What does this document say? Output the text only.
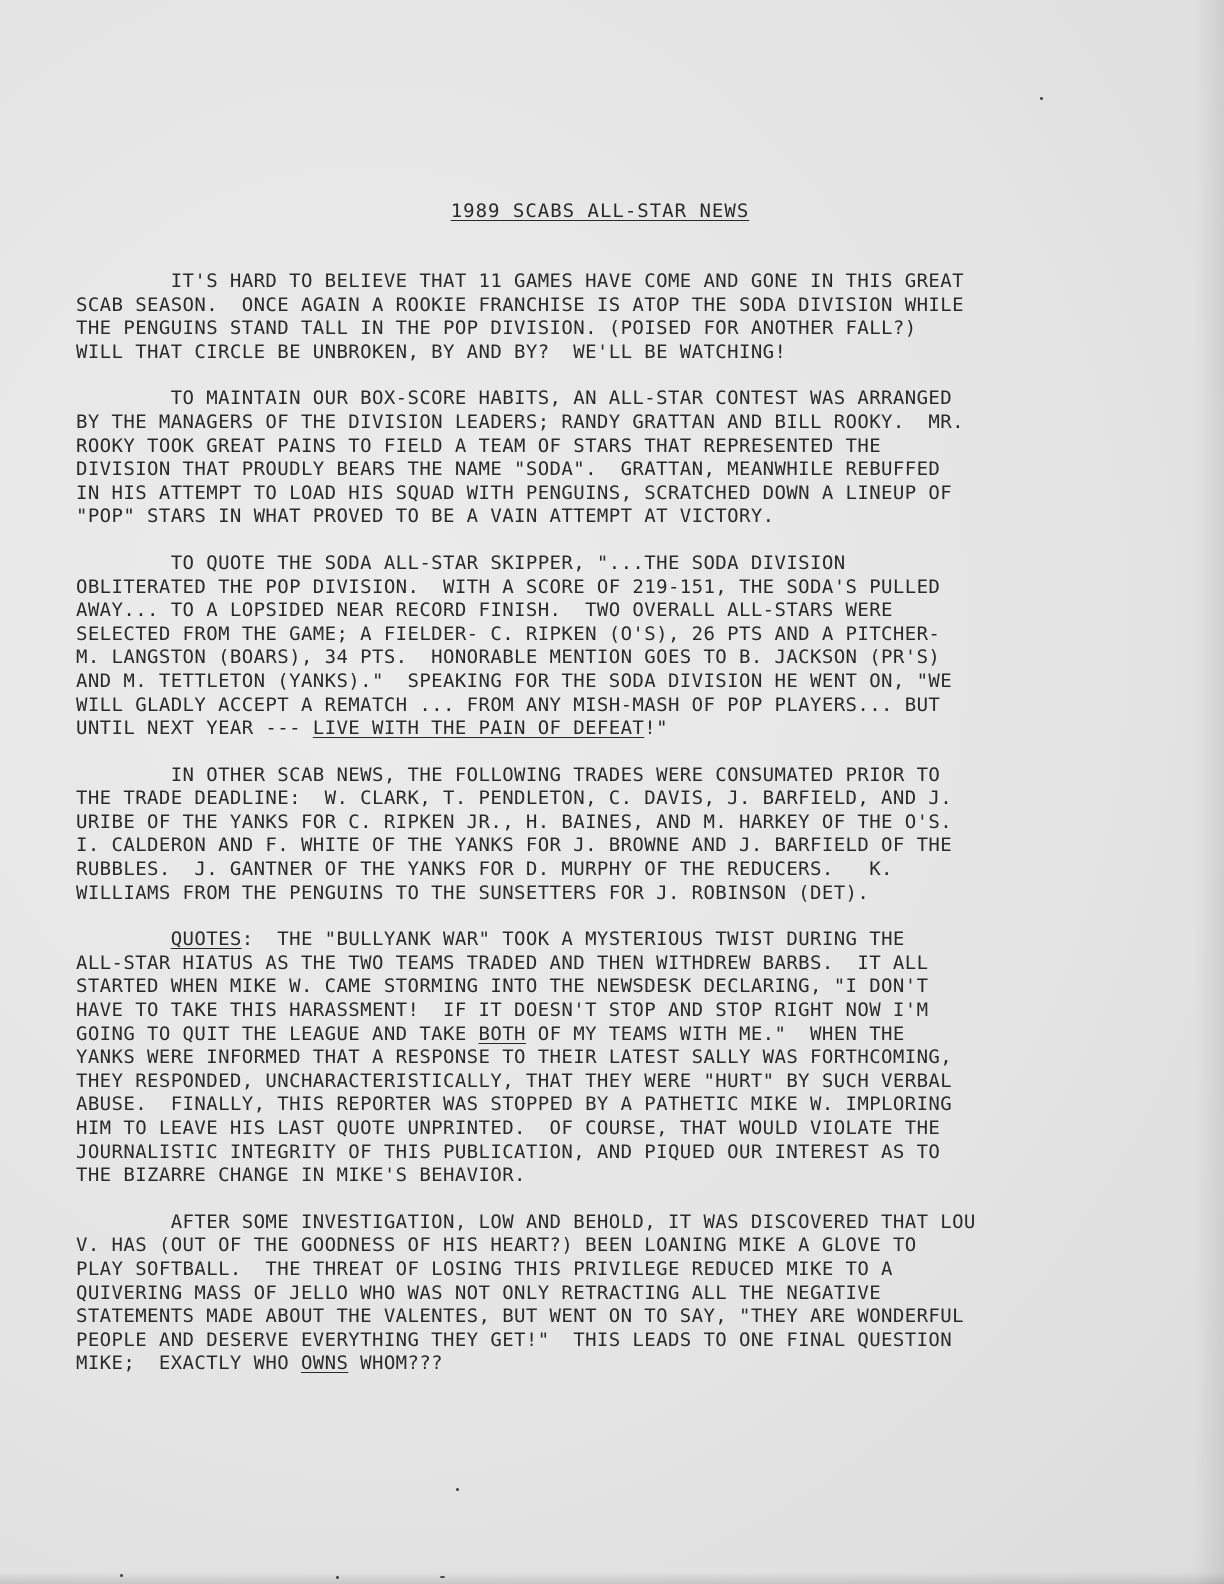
1989 SCABS ALL-STAR NEWS
IT'S HARD TO BELIEVE THAT 11 GAMES HAVE COME AND GONE IN THIS GREAT
SCAB SEASON.  ONCE AGAIN A ROOKIE FRANCHISE IS ATOP THE SODA DIVISION WHILE
THE PENGUINS STAND TALL IN THE POP DIVISION. (POISED FOR ANOTHER FALL?)
WILL THAT CIRCLE BE UNBROKEN, BY AND BY?  WE'LL BE WATCHING!
TO MAINTAIN OUR BOX-SCORE HABITS, AN ALL-STAR CONTEST WAS ARRANGED
BY THE MANAGERS OF THE DIVISION LEADERS; RANDY GRATTAN AND BILL ROOKY.  MR.
ROOKY TOOK GREAT PAINS TO FIELD A TEAM OF STARS THAT REPRESENTED THE
DIVISION THAT PROUDLY BEARS THE NAME "SODA".  GRATTAN, MEANWHILE REBUFFED
IN HIS ATTEMPT TO LOAD HIS SQUAD WITH PENGUINS, SCRATCHED DOWN A LINEUP OF
"POP" STARS IN WHAT PROVED TO BE A VAIN ATTEMPT AT VICTORY.
TO QUOTE THE SODA ALL-STAR SKIPPER, "...THE SODA DIVISION
OBLITERATED THE POP DIVISION.  WITH A SCORE OF 219-151, THE SODA'S PULLED
AWAY... TO A LOPSIDED NEAR RECORD FINISH.  TWO OVERALL ALL-STARS WERE
SELECTED FROM THE GAME; A FIELDER- C. RIPKEN (O'S), 26 PTS AND A PITCHER-
M. LANGSTON (BOARS), 34 PTS.  HONORABLE MENTION GOES TO B. JACKSON (PR'S)
AND M. TETTLETON (YANKS)."  SPEAKING FOR THE SODA DIVISION HE WENT ON, "WE
WILL GLADLY ACCEPT A REMATCH ... FROM ANY MISH-MASH OF POP PLAYERS... BUT
UNTIL NEXT YEAR --- LIVE WITH THE PAIN OF DEFEAT!"
IN OTHER SCAB NEWS, THE FOLLOWING TRADES WERE CONSUMATED PRIOR TO
THE TRADE DEADLINE:  W. CLARK, T. PENDLETON, C. DAVIS, J. BARFIELD, AND J.
URIBE OF THE YANKS FOR C. RIPKEN JR., H. BAINES, AND M. HARKEY OF THE O'S.
I. CALDERON AND F. WHITE OF THE YANKS FOR J. BROWNE AND J. BARFIELD OF THE
RUBBLES.  J. GANTNER OF THE YANKS FOR D. MURPHY OF THE REDUCERS.   K.
WILLIAMS FROM THE PENGUINS TO THE SUNSETTERS FOR J. ROBINSON (DET).
QUOTES:  THE "BULLYANK WAR" TOOK A MYSTERIOUS TWIST DURING THE
ALL-STAR HIATUS AS THE TWO TEAMS TRADED AND THEN WITHDREW BARBS.  IT ALL
STARTED WHEN MIKE W. CAME STORMING INTO THE NEWSDESK DECLARING, "I DON'T
HAVE TO TAKE THIS HARASSMENT!  IF IT DOESN'T STOP AND STOP RIGHT NOW I'M
GOING TO QUIT THE LEAGUE AND TAKE BOTH OF MY TEAMS WITH ME."  WHEN THE
YANKS WERE INFORMED THAT A RESPONSE TO THEIR LATEST SALLY WAS FORTHCOMING,
THEY RESPONDED, UNCHARACTERISTICALLY, THAT THEY WERE "HURT" BY SUCH VERBAL
ABUSE.  FINALLY, THIS REPORTER WAS STOPPED BY A PATHETIC MIKE W. IMPLORING
HIM TO LEAVE HIS LAST QUOTE UNPRINTED.  OF COURSE, THAT WOULD VIOLATE THE
JOURNALISTIC INTEGRITY OF THIS PUBLICATION, AND PIQUED OUR INTEREST AS TO
THE BIZARRE CHANGE IN MIKE'S BEHAVIOR.
AFTER SOME INVESTIGATION, LOW AND BEHOLD, IT WAS DISCOVERED THAT LOU
V. HAS (OUT OF THE GOODNESS OF HIS HEART?) BEEN LOANING MIKE A GLOVE TO
PLAY SOFTBALL.  THE THREAT OF LOSING THIS PRIVILEGE REDUCED MIKE TO A
QUIVERING MASS OF JELLO WHO WAS NOT ONLY RETRACTING ALL THE NEGATIVE
STATEMENTS MADE ABOUT THE VALENTES, BUT WENT ON TO SAY, "THEY ARE WONDERFUL
PEOPLE AND DESERVE EVERYTHING THEY GET!"  THIS LEADS TO ONE FINAL QUESTION
MIKE;  EXACTLY WHO OWNS WHOM???
